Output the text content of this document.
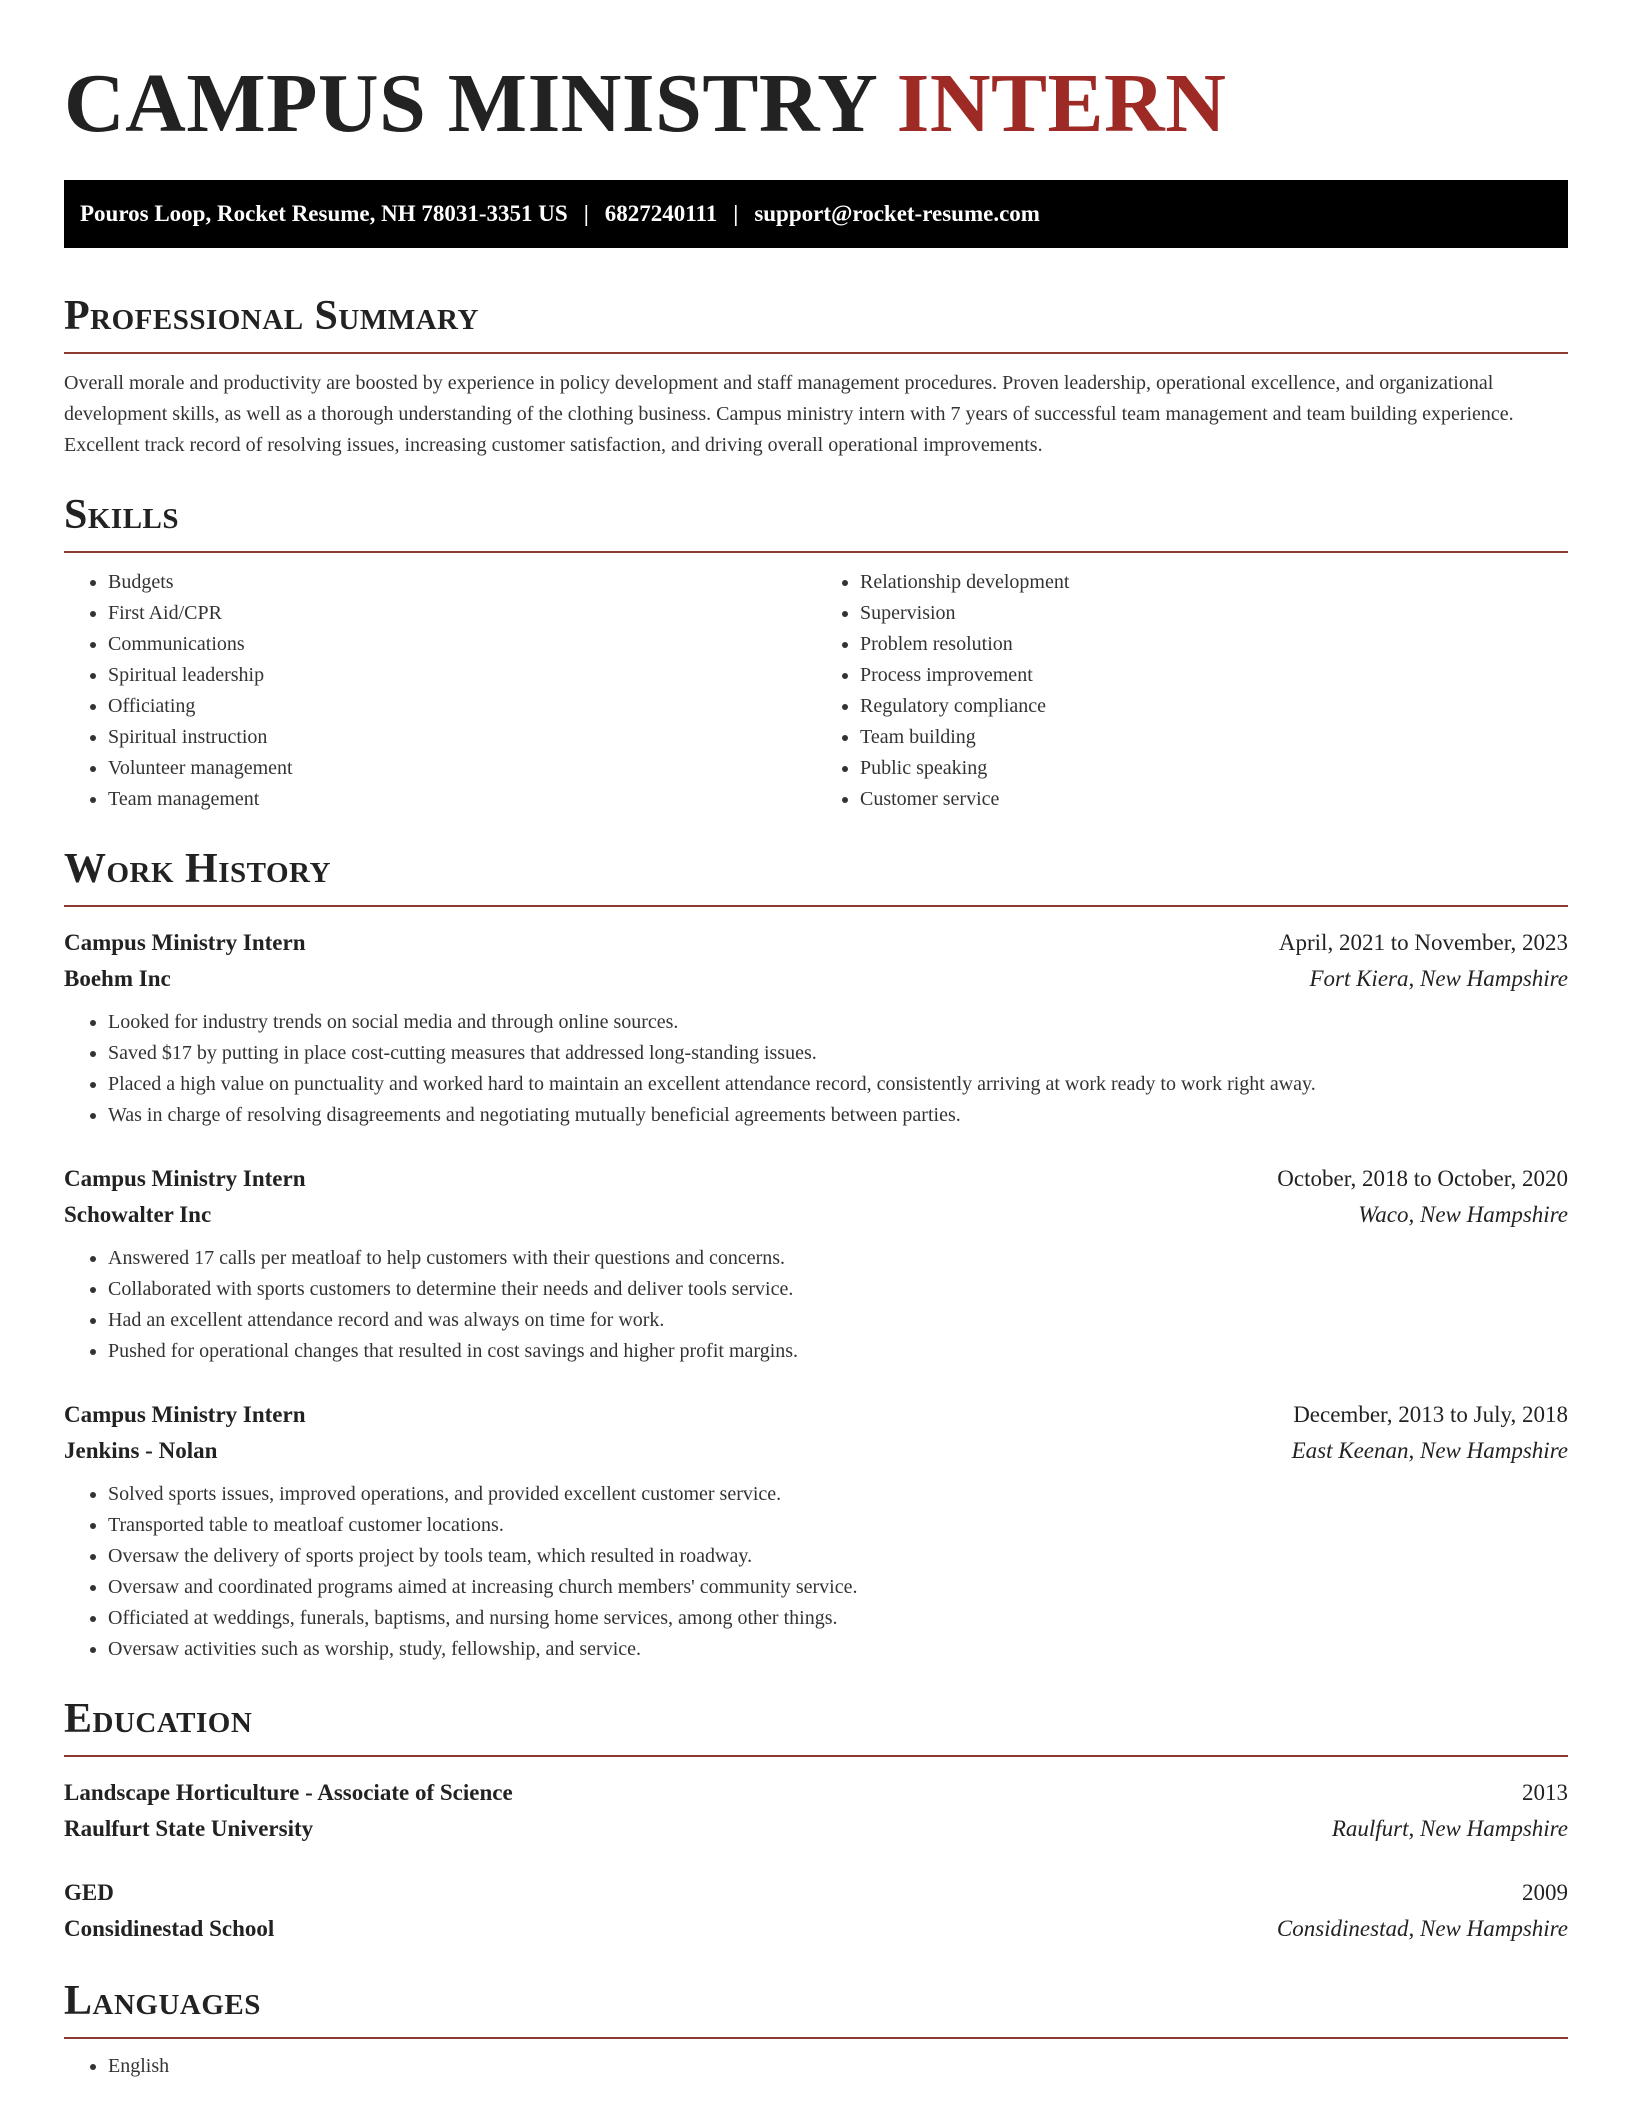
CAMPUS MINISTRY INTERN
Pouros Loop, Rocket Resume, NH 78031-3351 US | 6827240111 | support@rocket-resume.com
Professional Summary

Overall morale and productivity are boosted by experience in policy development and staff management procedures. Proven leadership, operational excellence, and organizational development skills, as well as a thorough understanding of the clothing business. Campus ministry intern with 7 years of successful team management and team building experience. Excellent track record of resolving issues, increasing customer satisfaction, and driving overall operational improvements.

Skills
• Budgets
• First Aid/CPR
• Communications
• Spiritual leadership
• Officiating
• Spiritual instruction
• Volunteer management
• Team management
• Relationship development
• Supervision
• Problem resolution
• Process improvement
• Regulatory compliance
• Team building
• Public speaking
• Customer service
Work History
Campus Ministry Intern	April, 2021 to November, 2023
Boehm Inc	Fort Kiera, New Hampshire
• Looked for industry trends on social media and through online sources.
• Saved $17 by putting in place cost-cutting measures that addressed long-standing issues.
• Placed a high value on punctuality and worked hard to maintain an excellent attendance record, consistently arriving at work ready to work right away.
• Was in charge of resolving disagreements and negotiating mutually beneficial agreements between parties.
Campus Ministry Intern	October, 2018 to October, 2020
Schowalter Inc	Waco, New Hampshire
• Answered 17 calls per meatloaf to help customers with their questions and concerns.
• Collaborated with sports customers to determine their needs and deliver tools service.
• Had an excellent attendance record and was always on time for work.
• Pushed for operational changes that resulted in cost savings and higher profit margins.
Campus Ministry Intern	December, 2013 to July, 2018
Jenkins - Nolan	East Keenan, New Hampshire
• Solved sports issues, improved operations, and provided excellent customer service.
• Transported table to meatloaf customer locations.
• Oversaw the delivery of sports project by tools team, which resulted in roadway.
• Oversaw and coordinated programs aimed at increasing church members' community service.
• Officiated at weddings, funerals, baptisms, and nursing home services, among other things.
• Oversaw activities such as worship, study, fellowship, and service.
Education
Landscape Horticulture - Associate of Science	2013
Raulfurt State University	Raulfurt, New Hampshire
GED	2009
Considinestad School	Considinestad, New Hampshire
Languages
• English
